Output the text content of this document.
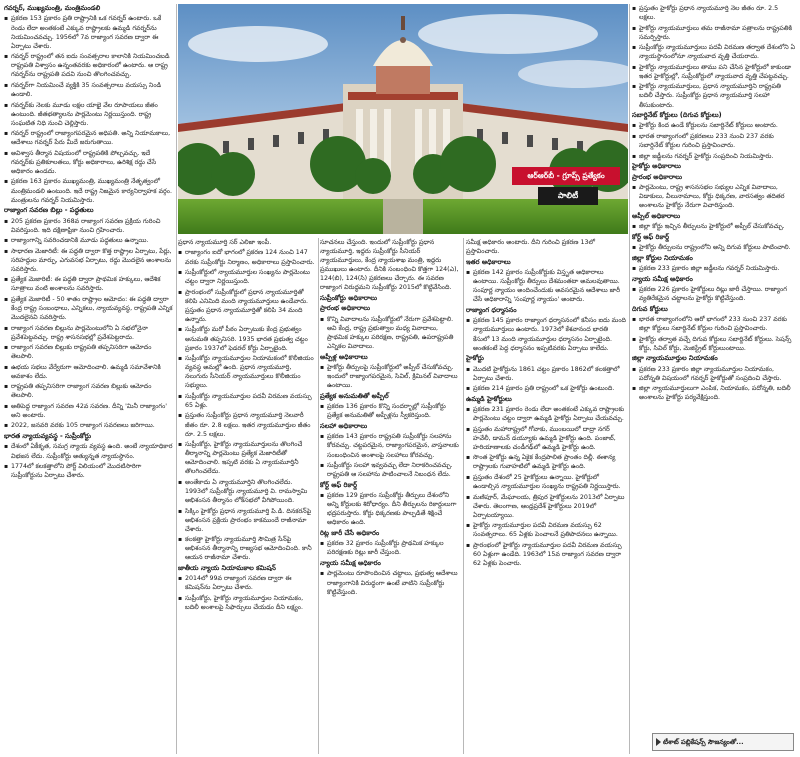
ఆర్ఆర్‌బీ - గ్రూప్స్ ప్రత్యేకం
పాలిటీ

గవర్నర్, ముఖ్యమంత్రి, మంత్రిమండలి

▪ ప్రకరణ 153 ప్రకారం ప్రతి రాష్ట్రానికి ఒక గవర్నర్ ఉంటారు. ఒకే రెండు లేదా అంతకంటే ఎక్కువ రాష్ట్రాలకు ఉమ్మడి గవర్నర్‌ను నియమించవచ్చు. 1956లో 7వ రాజ్యాంగ సవరణ ద్వారా ఈ ఏర్పాటు చేశారు.

▪ గవర్నర్ రాష్ట్రంలో తన ఐదు సంవత్సరాల కాలానికి నియమించబడి రాష్ట్రపతి విశ్వాసం ఉన్నంతవరకు అధికారంలో ఉంటారు. ఆ రాష్ట్ర గవర్నర్‌ను రాష్ట్రపతి పదవి నుంచి తొలగించవచ్చు.

▪ గవర్నర్‌గా నియమించే వ్యక్తికి 35 సంవత్సరాలు వయస్సు నిండి ఉండాలి.

▪ గవర్నర్‌కు నెలకు మూడు లక్షల యాభై వేల రూపాయలు జీతం ఉంటుంది. జీతభత్యాలను పార్లమెంటు నిర్ణయిస్తుంది. రాష్ట్ర సంఘటిత నిధి నుంచి చెల్లిస్తారు.

▪ గవర్నర్ రాష్ట్రంలో రాజ్యాంగపరమైన అధిపతి. అన్ని నియామకాలు, ఆదేశాలు గవర్నర్ పేరు మీదే జరుగుతాయి.

▪ అవిశ్వాస తీర్మాన విషయంలో రాష్ట్రపతికి పోల్చవచ్చు. ఇదే గవర్నర్‌కు ప్రతికూలతలు, కోర్టు అధికారాలు, ఉరిశిక్ష రద్దు చేసే అధికారం ఉండదు.

▪ ప్రకరణ 163 ప్రకారం ముఖ్యమంత్రి, ముఖ్యమంత్రి నేతృత్వంలో మంత్రిమండలి ఉంటుంది. ఇదే రాష్ట్ర నిజమైన కార్యనిర్వాహక వర్గం. మంత్రులను గవర్నర్ నియమిస్తారు.

రాజ్యాంగ సవరణ బిల్లు - పద్ధతులు

▪ 205 ప్రకరణ ప్రకారం 368వ రాజ్యాంగ సవరణ ప్రక్రియ గురించి వివరిస్తుంది. ఇది దక్షిణాఫ్రికా నుంచి గ్రహించారు.

▪ రాజ్యాంగాన్ని సవరించడానికి మూడు పద్ధతులు ఉన్నాయి.

▪ సాధారణ మెజారిటీ: ఈ పద్ధతి ద్వారా కొత్త రాష్ట్రాల ఏర్పాటు, పేర్లు, సరిహద్దుల మార్పు, ఎగువసభ ఏర్పాటు, రద్దు మొదలైన అంశాలను సవరిస్తారు.

▪ ప్రత్యేక మెజారిటీ: ఈ పద్ధతి ద్వారా ప్రాథమిక హక్కులు, ఆదేశిక సూత్రాలు వంటి అంశాలను సవరిస్తారు.

▪ ప్రత్యేక మెజారిటీ - 50 శాతం రాష్ట్రాల ఆమోదం: ఈ పద్ధతి ద్వారా కేంద్ర రాష్ట్ర సంబంధాలు, ఎన్నికలు, న్యాయవ్యవస్థ, రాష్ట్రపతి ఎన్నిక మొదలైనవి సవరిస్తారు.

▪ రాజ్యాంగ సవరణ బిల్లును పార్లమెంటులోని ఏ సభలోనైనా ప్రవేశపెట్టవచ్చు. రాష్ట్ర శాసనసభల్లో ప్రవేశపెట్టరాదు.

▪ రాజ్యాంగ సవరణ బిల్లుకు రాష్ట్రపతి తప్పనిసరిగా ఆమోదం తెలపాలి.

▪ ఉభయ సభలు వేర్వేరుగా ఆమోదించాలి. ఉమ్మడి సమావేశానికి అవకాశం లేదు.

▪ రాష్ట్రపతి తప్పనిసరిగా రాజ్యాంగ సవరణ బిల్లుకు ఆమోదం తెలపాలి.

▪ అతిపెద్ద రాజ్యాంగ సవరణ 42వ సవరణ. దీన్ని 'మినీ రాజ్యాంగం' అని అంటారు.

▪ 2022, జనవరి వరకు 105 రాజ్యాంగ సవరణలు జరిగాయి.

భారత న్యాయవ్యవస్థ - సుప్రీంకోర్టు

▪ దేశంలో ఏకీకృత, సమగ్ర న్యాయ వ్యవస్థ ఉంది. అంటే న్యాయాధికార విభజన లేదు. సుప్రీంకోర్టు అత్యున్నత న్యాయస్థానం.

▪ 1774లో కలకత్తాలోని పోర్ట్ విలియంలో మొదటిసారిగా సుప్రీంకోర్టును ఏర్పాటు చేశారు.

ప్రధాన న్యాయమూర్తి సర్ ఎలిజా ఇంపీ.

▪ రాజ్యాంగం ఐదో భాగంలో ప్రకరణ 124 నుంచి 147 వరకు సుప్రీంకోర్టు నిర్మాణం, అధికారాలు ప్రస్తావించారు.

▪ సుప్రీంకోర్టులో న్యాయమూర్తుల సంఖ్యను పార్లమెంటు చట్టం ద్వారా నిర్ణయిస్తుంది.

▪ ప్రారంభంలో సుప్రీంకోర్టులో ప్రధాన న్యాయమూర్తితో కలిపి ఎనిమిది మంది న్యాయమూర్తులు ఉండేవారు. ప్రస్తుతం ప్రధాన న్యాయమూర్తితో కలిపి 34 మంది ఉన్నారు.

▪ సుప్రీంకోర్టు మరో పీఠం ఏర్పాటుకు కేంద్ర ప్రభుత్వం అనుమతి తప్పనిసరి. 1935 భారత ప్రభుత్వ చట్టం ప్రకారం 1937లో ఫెడరల్ కోర్టు ఏర్పాటైంది.

▪ సుప్రీంకోర్టు న్యాయమూర్తుల నియామకంలో కొలీజియం వ్యవస్థ అమల్లో ఉంది. ప్రధాన న్యాయమూర్తి, నలుగురు సీనియర్ న్యాయమూర్తులు కొలీజియం సభ్యులు.

▪ సుప్రీంకోర్టు న్యాయమూర్తుల పదవీ విరమణ వయస్సు 65 ఏళ్లు.

▪ ప్రస్తుతం సుప్రీంకోర్టు ప్రధాన న్యాయమూర్తి నెలవారీ జీతం రూ. 2.8 లక్షలు. ఇతర న్యాయమూర్తుల జీతం రూ. 2.5 లక్షలు.

▪ సుప్రీంకోర్టు, హైకోర్టు న్యాయమూర్తులను తొలగించే తీర్మానాన్ని పార్లమెంటు ప్రత్యేక మెజారిటీతో ఆమోదించాలి. ఇప్పటి వరకు ఏ న్యాయమూర్తినీ తొలగించలేదు.

▪ అంతేకాదు ఏ న్యాయమూర్తిని తొలగించలేదు. 1993లో సుప్రీంకోర్టు న్యాయమూర్తి వి. రామస్వామి అభిశంసన తీర్మానం లోక్‌సభలో వీగిపోయింది.

▪ సిక్కిం హైకోర్టు ప్రధాన న్యాయమూర్తి పి.డి. దినకరన్‌పై అభిశంసన ప్రక్రియ ప్రారంభం కాకముందే రాజీనామా చేశారు.

▪ కలకత్తా హైకోర్టు న్యాయమూర్తి సౌమిత్ర సేన్‌పై అభిశంసన తీర్మానాన్ని రాజ్యసభ ఆమోదించింది. కానీ ఆయన రాజీనామా చేశారు.

జాతీయ న్యాయ నియామకాల కమిషన్

▪ 2014లో 99వ రాజ్యాంగ సవరణ ద్వారా ఈ కమిషన్‌ను ఏర్పాటు చేశారు.

▪ సుప్రీంకోర్టు, హైకోర్టు న్యాయమూర్తుల నియామకం, బదిలీ అంశాలపై సిఫార్సులు చేయడం దీని లక్ష్యం.

సూచనలు చేస్తుంది. ఇందులో సుప్రీంకోర్టు ప్రధాన న్యాయమూర్తి, ఇద్దరు సుప్రీంకోర్టు సీనియర్ న్యాయమూర్తులు, కేంద్ర న్యాయశాఖ మంత్రి, ఇద్దరు ప్రముఖులు ఉంటారు. దీనికి సంబంధించి కొత్తగా 124(ఎ), 124(బి), 124(సి) ప్రకరణలు చేర్చారు. ఈ సవరణ రాజ్యాంగ విరుద్ధమని సుప్రీంకోర్టు 2015లో కొట్టివేసింది.

సుప్రీంకోర్టు అధికారాలు

ప్రారంభ అధికారాలు

▪ కొన్ని వివాదాలను సుప్రీంకోర్టులో నేరుగా ప్రవేశపెట్టాలి. అవి కేంద్ర, రాష్ట్ర ప్రభుత్వాల మధ్య వివాదాలు, ప్రాథమిక హక్కుల పరిరక్షణ, రాష్ట్రపతి, ఉపరాష్ట్రపతి ఎన్నికల వివాదాలు.

అప్పీళ్ల అధికారాలు

▪ హైకోర్టు తీర్పులపై సుప్రీంకోర్టులో అప్పీల్ చేసుకోవచ్చు. ఇందులో రాజ్యాంగపరమైన, సివిల్, క్రిమినల్ వివాదాలు ఉంటాయి.

ప్రత్యేక అనుమతితో అప్పీల్

▪ ప్రకరణ 136 ప్రకారం కొన్ని సందర్భాల్లో సుప్రీంకోర్టు ప్రత్యేక అనుమతితో అప్పీళ్లను స్వీకరిస్తుంది.

సలహా అధికారాలు

▪ ప్రకరణ 143 ప్రకారం రాష్ట్రపతి సుప్రీంకోర్టు సలహాను కోరవచ్చు. చట్టపరమైన, రాజ్యాంగపరమైన, వాస్తవాలకు సంబంధించిన అంశాలపై సలహాలు కోరవచ్చు.

▪ సుప్రీంకోర్టు సలహా ఇవ్వవచ్చు లేదా నిరాకరించవచ్చు. రాష్ట్రపతి ఆ సలహాను పాటించాలనే నిబంధన లేదు.

కోర్ట్ ఆఫ్ రికార్డ్

▪ ప్రకరణ 129 ప్రకారం సుప్రీంకోర్టు తీర్పులు దేశంలోని అన్ని కోర్టులకు శిరోధార్యం. దీని తీర్పులను రికార్డులుగా భద్రపరుస్తారు. కోర్టు ధిక్కరణకు పాల్పడితే శిక్షించే అధికారం ఉంది.

రిట్ల జారీ చేసే అధికారం

▪ ప్రకరణ 32 ప్రకారం సుప్రీంకోర్టు ప్రాథమిక హక్కుల పరిరక్షణకు రిట్లు జారీ చేస్తుంది.

న్యాయ సమీక్ష అధికారం

▪ పార్లమెంటు రూపొందించిన చట్టాలు, ప్రభుత్వ ఆదేశాలు రాజ్యాంగానికి విరుద్ధంగా ఉంటే వాటిని సుప్రీంకోర్టు కొట్టివేస్తుంది.

సమీక్ష అధికారం అంటారు. దీని గురించి ప్రకరణ 13లో ప్రస్తావించారు.

ఇతర అధికారాలు

▪ ప్రకరణ 142 ప్రకారం సుప్రీంకోర్టుకు విస్తృత అధికారాలు ఉంటాయి. సుప్రీంకోర్టు తీర్పులు దేశమంతటా అమలవుతాయి. సంపూర్ణ న్యాయం అందించేందుకు అవసరమైన ఆదేశాలు జారీ చేసే అధికారాన్ని 'సంపూర్ణ న్యాయం' అంటారు.

రాజ్యాంగ ధర్మాసనం

▪ ప్రకరణ 145 ప్రకారం రాజ్యాంగ ధర్మాసనంలో కనీసం ఐదు మంది న్యాయమూర్తులు ఉంటారు. 1973లో కేశవానంద భారతి కేసులో 13 మంది న్యాయమూర్తుల ధర్మాసనం ఏర్పాటైంది. అంతకంటే పెద్ద ధర్మాసనం ఇప్పటివరకు ఏర్పాటు కాలేదు.

హైకోర్టు

▪ మొదటి హైకోర్టును 1861 చట్టం ప్రకారం 1862లో కలకత్తాలో ఏర్పాటు చేశారు.

▪ ప్రకరణ 214 ప్రకారం ప్రతి రాష్ట్రంలో ఒక హైకోర్టు ఉంటుంది.

ఉమ్మడి హైకోర్టులు

▪ ప్రకరణ 231 ప్రకారం రెండు లేదా అంతకంటే ఎక్కువ రాష్ట్రాలకు పార్లమెంటు చట్టం ద్వారా ఉమ్మడి హైకోర్టు ఏర్పాటు చేయవచ్చు.

▪ ప్రస్తుతం మహారాష్ట్రలో గోవాకు, ముంబయిలో దాద్రా నగర్ హవేలీ, డామన్ డయ్యూకు ఉమ్మడి హైకోర్టు ఉంది. పంజాబ్, హరియాణాలకు చండీగఢ్‌లో ఉమ్మడి హైకోర్టు ఉంది.

▪ సొంత హైకోర్టు ఉన్న ఏకైక కేంద్రపాలిత ప్రాంతం దిల్లీ. ఈశాన్య రాష్ట్రాలకు గువాహటిలో ఉమ్మడి హైకోర్టు ఉంది.

▪ ప్రస్తుతం దేశంలో 25 హైకోర్టులు ఉన్నాయి. హైకోర్టులో ఉండాల్సిన న్యాయమూర్తుల సంఖ్యను రాష్ట్రపతి నిర్ణయిస్తారు.

▪ మణిపూర్, మేఘాలయ, త్రిపుర హైకోర్టులను 2013లో ఏర్పాటు చేశారు. తెలంగాణ, ఆంధ్రప్రదేశ్ హైకోర్టులు 2019లో ఏర్పాటయ్యాయి.

▪ హైకోర్టు న్యాయమూర్తుల పదవీ విరమణ వయస్సు 62 సంవత్సరాలు. 65 ఏళ్లకు పెంచాలనే ప్రతిపాదనలు ఉన్నాయి.

▪ ప్రారంభంలో హైకోర్టు న్యాయమూర్తుల పదవీ విరమణ వయస్సు 60 ఏళ్లుగా ఉండేది. 1963లో 15వ రాజ్యాంగ సవరణ ద్వారా 62 ఏళ్లకు పెంచారు.

▪ ప్రస్తుతం హైకోర్టు ప్రధాన న్యాయమూర్తి నెల జీతం రూ. 2.5 లక్షలు.

▪ హైకోర్టు న్యాయమూర్తులు తమ రాజీనామా పత్రాలను రాష్ట్రపతికి సమర్పిస్తారు.

▪ సుప్రీంకోర్టు న్యాయమూర్తులు పదవీ విరమణ తర్వాత దేశంలోని ఏ న్యాయస్థానంలోనూ న్యాయవాద వృత్తి చేయరాదు.

▪ హైకోర్టు న్యాయమూర్తులు తాము పని చేసిన హైకోర్టులో కాకుండా ఇతర హైకోర్టుల్లో, సుప్రీంకోర్టులో న్యాయవాద వృత్తి చేపట్టవచ్చు.

▪ హైకోర్టు న్యాయమూర్తులు, ప్రధాన న్యాయమూర్తిని రాష్ట్రపతి బదిలీ చేస్తారు. సుప్రీంకోర్టు ప్రధాన న్యాయమూర్తి సలహా తీసుకుంటారు.

సబార్డినేట్ కోర్టులు (దిగువ కోర్టులు)

▪ హైకోర్టు కింద ఉండే కోర్టులను సబార్డినేట్ కోర్టులు అంటారు.

▪ భారత రాజ్యాంగంలో ప్రకరణలు 233 నుంచి 237 వరకు సబార్డినేట్ కోర్టుల గురించి ప్రస్తావించారు.

▪ జిల్లా జడ్జీలను గవర్నర్ హైకోర్టు సంప్రదించి నియమిస్తారు.

హైకోర్టు అధికారాలు

ప్రారంభ అధికారాలు

▪ పార్లమెంటు, రాష్ట్ర శాసనసభల సభ్యుల ఎన్నిక వివాదాలు, విడాకులు, వీలునామాలు, కోర్టు ధిక్కరణ, వారసత్వం తదితర అంశాలను హైకోర్టు నేరుగా విచారిస్తుంది.

అప్పీల్ అధికారాలు

▪ జిల్లా కోర్టు ఇచ్చిన తీర్పులను హైకోర్టులో అప్పీల్ చేసుకోవచ్చు.

కోర్ట్ ఆఫ్ రికార్డ్

▪ హైకోర్టు తీర్పులను రాష్ట్రంలోని అన్ని దిగువ కోర్టులు పాటించాలి.

జిల్లా కోర్టుల నియామకం

▪ ప్రకరణ 233 ప్రకారం జిల్లా జడ్జీలను గవర్నర్ నియమిస్తారు.

న్యాయ సమీక్ష అధికారం

▪ ప్రకరణ 226 ప్రకారం హైకోర్టులు రిట్లు జారీ చేస్తాయి. రాజ్యాంగ వ్యతిరేకమైన చట్టాలను హైకోర్టు కొట్టివేస్తుంది.

దిగువ కోర్టులు

▪ భారత రాజ్యాంగంలోని ఆరో భాగంలో 233 నుంచి 237 వరకు జిల్లా కోర్టులు సబార్డినేట్ కోర్టుల గురించి ప్రస్తావించారు.

▪ హైకోర్టు తర్వాత వచ్చే దిగువ కోర్టులు సబార్డినేట్ కోర్టులు. సెషన్స్ కోర్టు, సివిల్ కోర్టు, మెజిస్ట్రేట్ కోర్టులుంటాయి.

జిల్లా న్యాయమూర్తుల నియామకం

▪ ప్రకరణ 233 ప్రకారం జిల్లా న్యాయమూర్తుల నియామకం, పదోన్నతి విషయంలో గవర్నర్ హైకోర్టుతో సంప్రదించి చేస్తారు.

▪ జిల్లా న్యాయమూర్తులుగా ఎంపిక, నియామకం, పదోన్నతి, బదిలీ అంశాలను హైకోర్టు పర్యవేక్షిస్తుంది.

టీశాట్ పబ్లికేషన్స్ సౌజన్యంతో...
